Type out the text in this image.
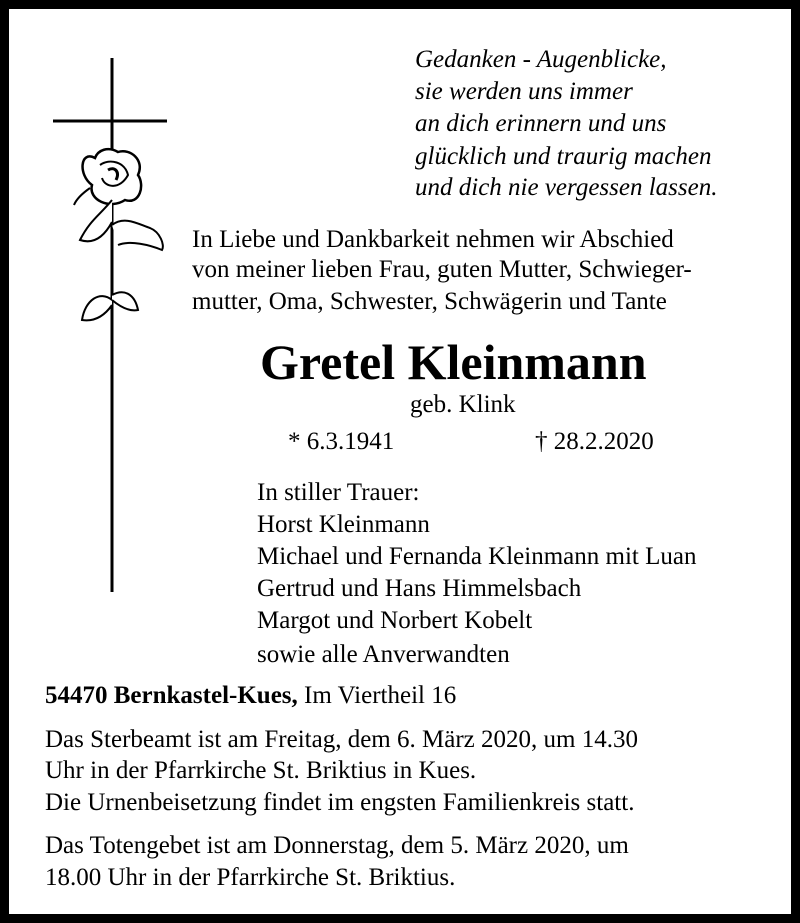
Gedanken - Augenblicke,
sie werden uns immer
an dich erinnern und uns
glücklich und traurig machen
und dich nie vergessen lassen.
In Liebe und Dankbarkeit nehmen wir Abschied
von meiner lieben Frau, guten Mutter, Schwieger-
mutter, Oma, Schwester, Schwägerin und Tante
Gretel Kleinmann
geb. Klink
* 6.3.1941	† 28.2.2020
In stiller Trauer:
Horst Kleinmann
Michael und Fernanda Kleinmann mit Luan
Gertrud und Hans Himmelsbach
Margot und Norbert Kobelt
sowie alle Anverwandten
54470 Bernkastel-Kues, Im Viertheil 16
Das Sterbeamt ist am Freitag, dem 6. März 2020, um 14.30
Uhr in der Pfarrkirche St. Briktius in Kues.
Die Urnenbeisetzung findet im engsten Familienkreis statt.
Das Totengebet ist am Donnerstag, dem 5. März 2020, um
18.00 Uhr in der Pfarrkirche St. Briktius.
